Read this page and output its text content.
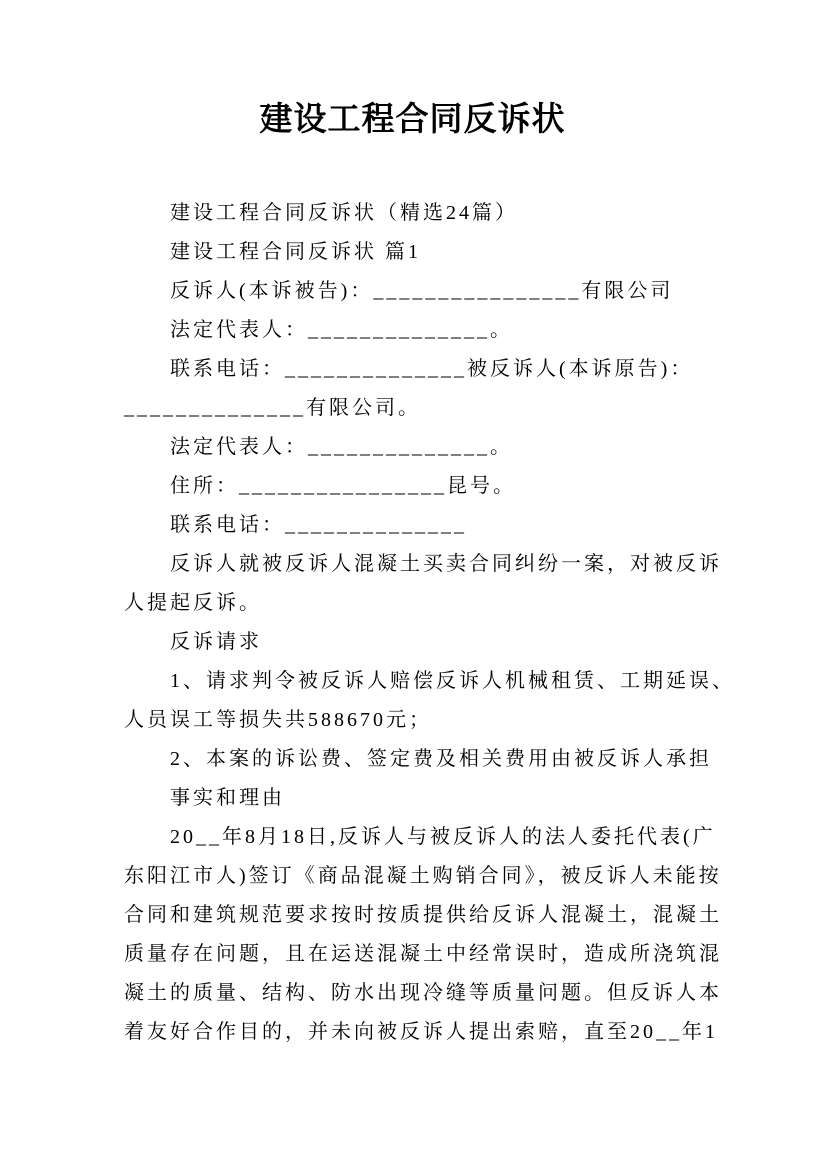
建设工程合同反诉状
　　建设工程合同反诉状（精选24篇）
　　建设工程合同反诉状 篇1
　　反诉人(本诉被告)：________________有限公司
　　法定代表人：______________。
　　联系电话：______________被反诉人(本诉原告)：
______________有限公司。
　　法定代表人：______________。
　　住所：________________昆号。
　　联系电话：______________
　　反诉人就被反诉人混凝土买卖合同纠纷一案，对被反诉
人提起反诉。
　　反诉请求
　　1、请求判令被反诉人赔偿反诉人机械租赁、工期延误、
人员误工等损失共588670元；
　　2、本案的诉讼费、签定费及相关费用由被反诉人承担
　　事实和理由
　　20__年8月18日,反诉人与被反诉人的法人委托代表(广
东阳江市人)签订《商品混凝土购销合同》，被反诉人未能按
合同和建筑规范要求按时按质提供给反诉人混凝土，混凝土
质量存在问题，且在运送混凝土中经常误时，造成所浇筑混
凝土的质量、结构、防水出现冷缝等质量问题。但反诉人本
着友好合作目的，并未向被反诉人提出索赔，直至20__年1
